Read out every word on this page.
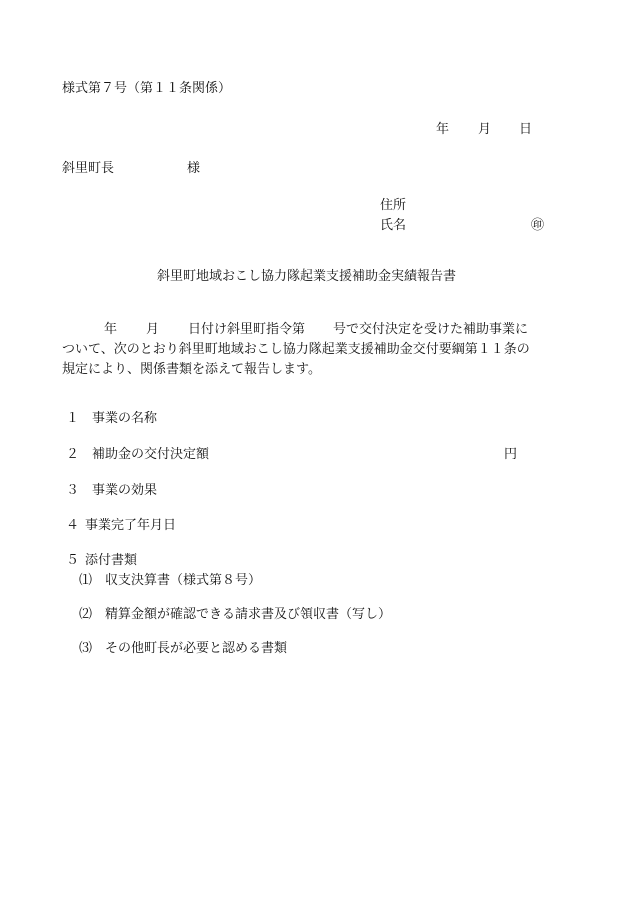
様式第７号（第１１条関係）
年 月 日
斜里町長	様
住所
氏名	㊞
斜里町地域おこし協力隊起業支援補助金実績報告書
年 月 日付け斜里町指令第 号で交付決定を受けた補助事業に
ついて、次のとおり斜里町地域おこし協力隊起業支援補助金交付要綱第１１条の
規定により、関係書類を添えて報告します。
１ 事業の名称
２ 補助金の交付決定額	円
３ 事業の効果
４ 事業完了年月日
５ 添付書類
⑴ 収支決算書（様式第８号）
⑵ 精算金額が確認できる請求書及び領収書（写し）
⑶ その他町長が必要と認める書類
